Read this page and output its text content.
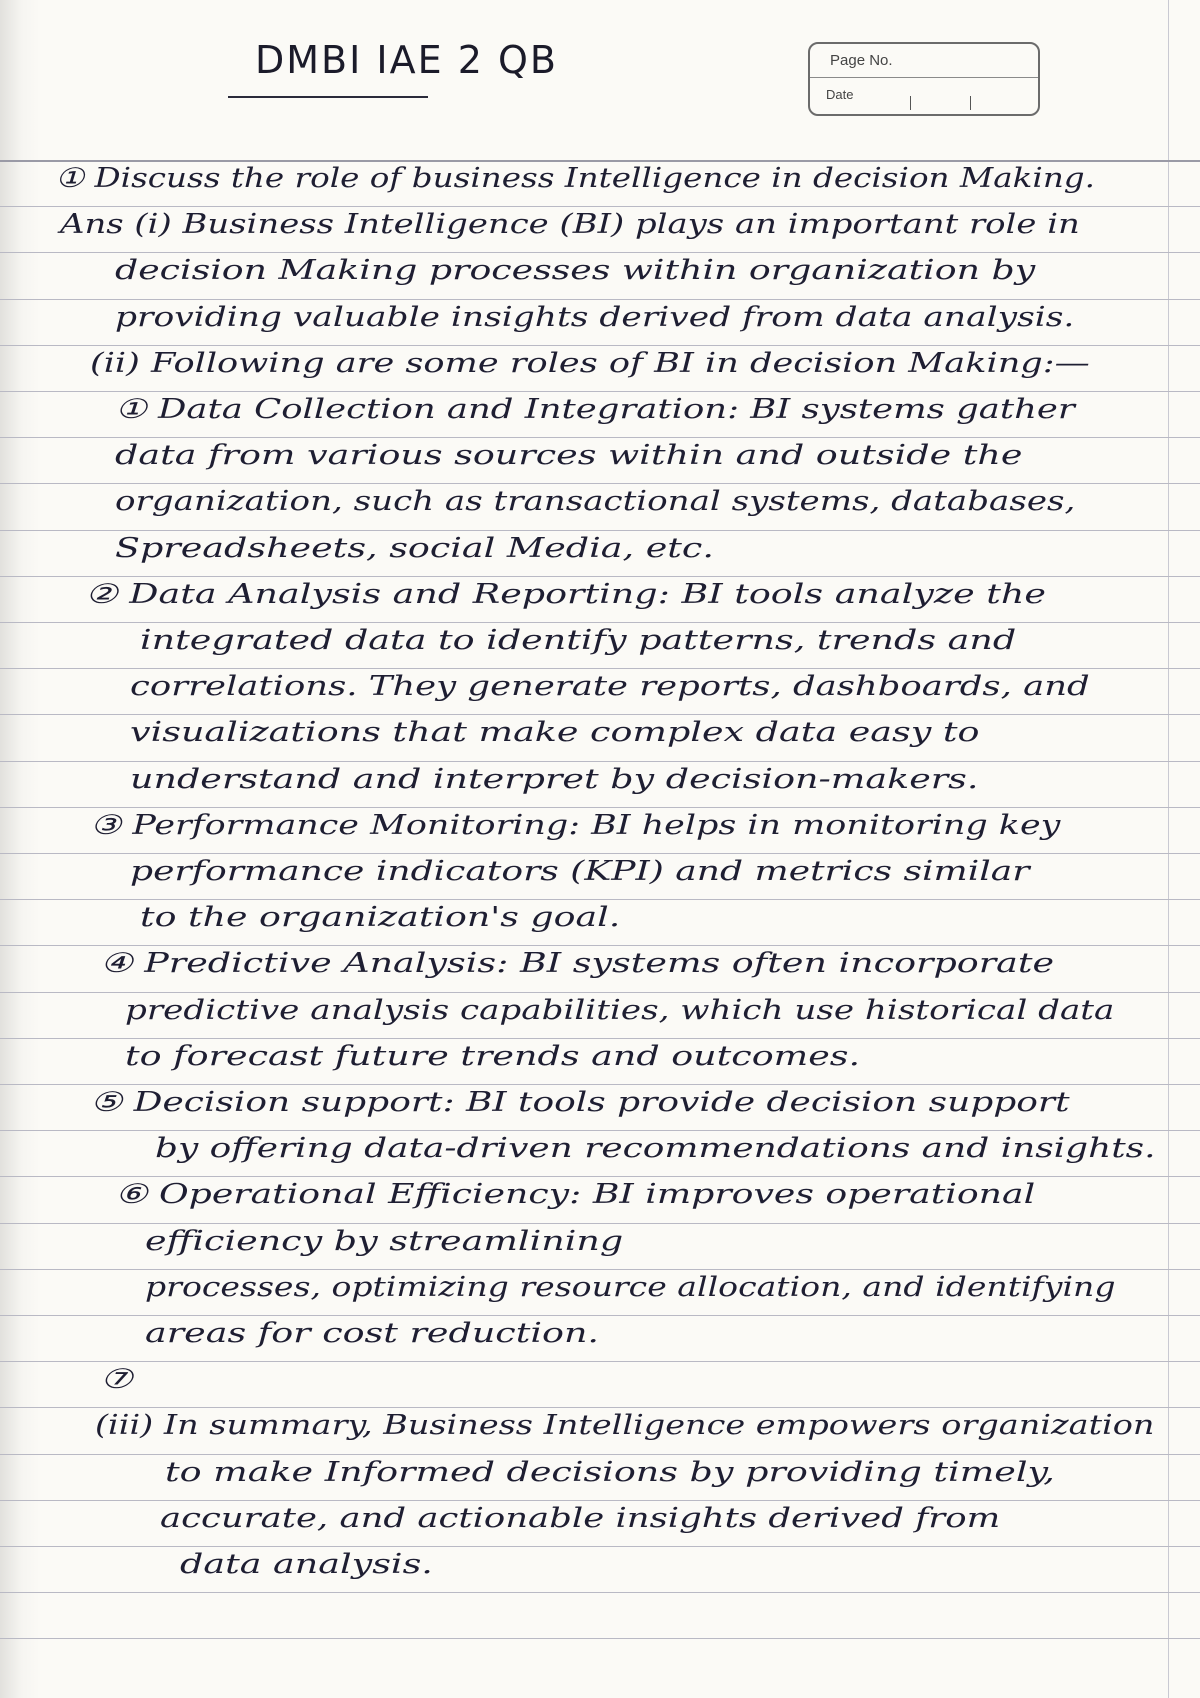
DMBI IAE 2 QB	Page No.
Date
① Discuss the role of business Intelligence in decision Making.
Ans (i) Business Intelligence (BI) plays an important role in
decision Making processes within organization by
providing valuable insights derived from data analysis.
(ii) Following are some roles of BI in decision Making:—
① Data Collection and Integration: BI systems gather
data from various sources within and outside the
organization, such as transactional systems, databases,
Spreadsheets, social Media, etc.
② Data Analysis and Reporting: BI tools analyze the
integrated data to identify patterns, trends and
correlations. They generate reports, dashboards, and
visualizations that make complex data easy to
understand and interpret by decision-makers.
③ Performance Monitoring: BI helps in monitoring key
performance indicators (KPI) and metrics similar
to the organization's goal.
④ Predictive Analysis: BI systems often incorporate
predictive analysis capabilities, which use historical data
to forecast future trends and outcomes.
⑤ Decision support: BI tools provide decision support
by offering data-driven recommendations and insights.
⑥ Operational Efficiency: BI improves operational
efficiency by streamlining
processes, optimizing resource allocation, and identifying
areas for cost reduction.
⑦
(iii) In summary, Business Intelligence empowers organization
to make Informed decisions by providing timely,
accurate, and actionable insights derived from
data analysis.
